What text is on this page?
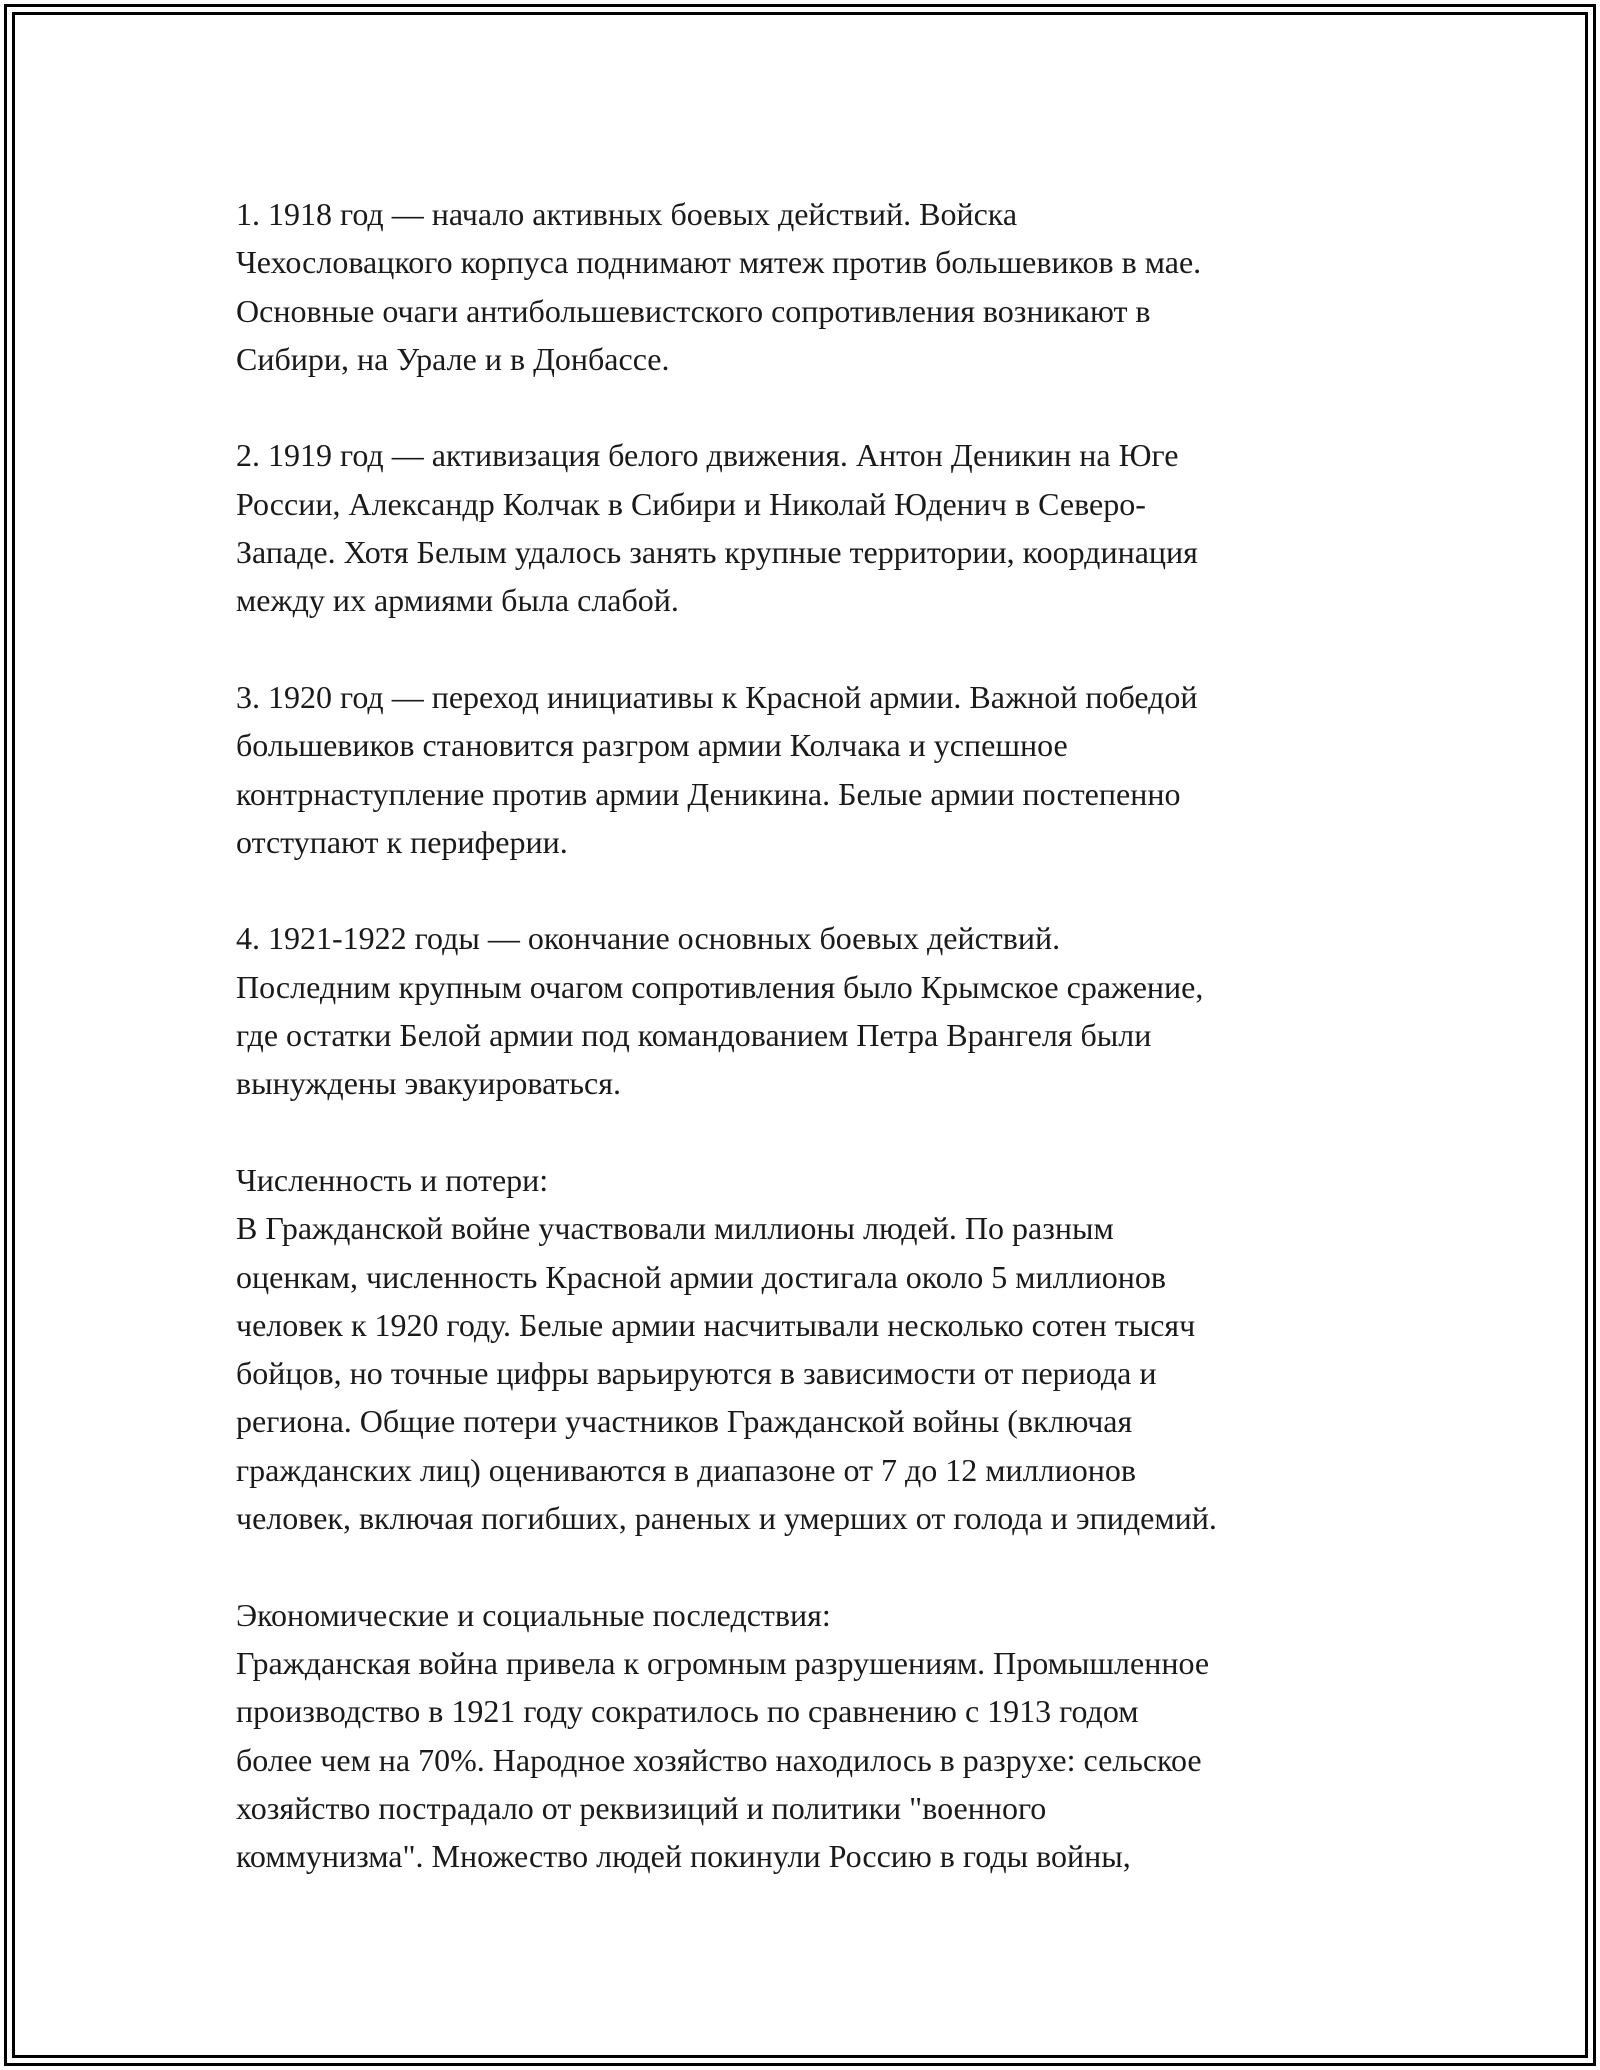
1. 1918 год — начало активных боевых действий. Войска
Чехословацкого корпуса поднимают мятеж против большевиков в мае.
Основные очаги антибольшевистского сопротивления возникают в
Сибири, на Урале и в Донбассе.

2. 1919 год — активизация белого движения. Антон Деникин на Юге
России, Александр Колчак в Сибири и Николай Юденич в Северо-
Западе. Хотя Белым удалось занять крупные территории, координация
между их армиями была слабой.

3. 1920 год — переход инициативы к Красной армии. Важной победой
большевиков становится разгром армии Колчака и успешное
контрнаступление против армии Деникина. Белые армии постепенно
отступают к периферии.

4. 1921-1922 годы — окончание основных боевых действий.
Последним крупным очагом сопротивления было Крымское сражение,
где остатки Белой армии под командованием Петра Врангеля были
вынуждены эвакуироваться.

Численность и потери:

В Гражданской войне участвовали миллионы людей. По разным
оценкам, численность Красной армии достигала около 5 миллионов
человек к 1920 году. Белые армии насчитывали несколько сотен тысяч
бойцов, но точные цифры варьируются в зависимости от периода и
региона. Общие потери участников Гражданской войны (включая
гражданских лиц) оцениваются в диапазоне от 7 до 12 миллионов
человек, включая погибших, раненых и умерших от голода и эпидемий.

Экономические и социальные последствия:

Гражданская война привела к огромным разрушениям. Промышленное
производство в 1921 году сократилось по сравнению с 1913 годом
более чем на 70%. Народное хозяйство находилось в разрухе: сельское
хозяйство пострадало от реквизиций и политики "военного
коммунизма". Множество людей покинули Россию в годы войны,
